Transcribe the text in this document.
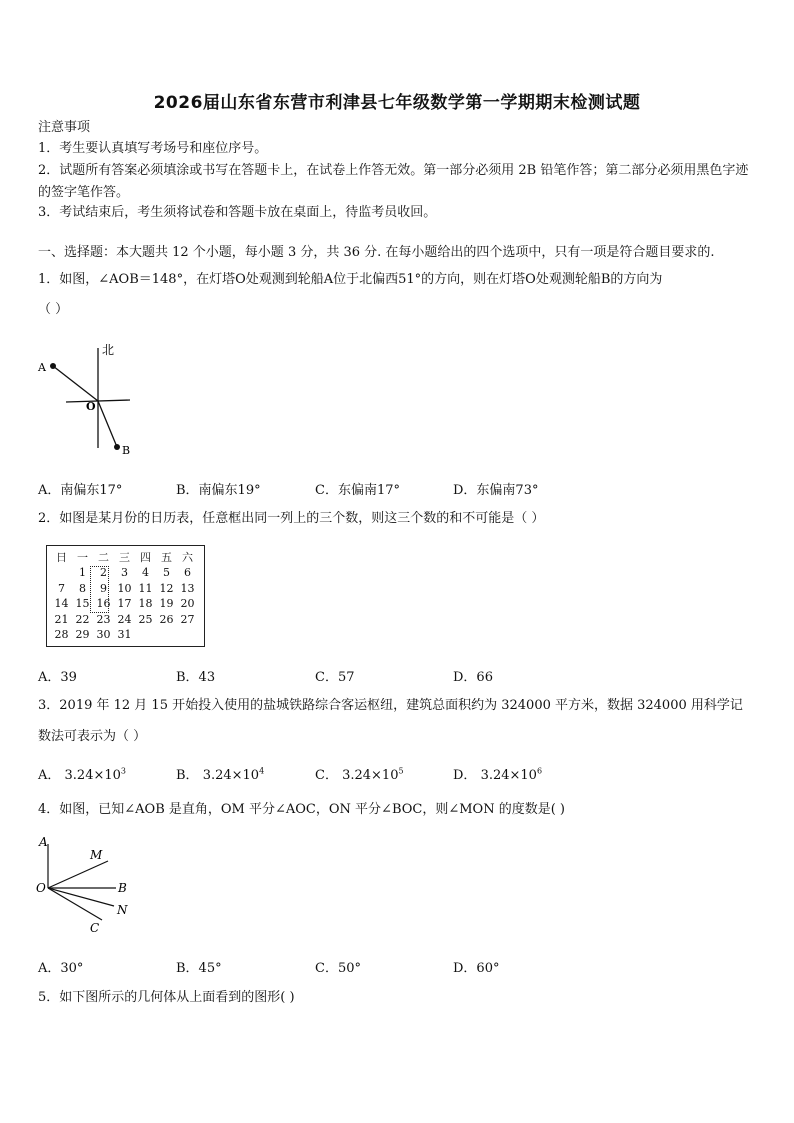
2026届山东省东营市利津县七年级数学第一学期期末检测试题
注意事项
1．考生要认真填写考场号和座位序号。
2．试题所有答案必须填涂或书写在答题卡上，在试卷上作答无效。第一部分必须用 2B 铅笔作答；第二部分必须用黑色字迹的签字笔作答。
3．考试结束后，考生须将试卷和答题卡放在桌面上，待监考员收回。
一、选择题：本大题共 12 个小题，每小题 3 分，共 36 分. 在每小题给出的四个选项中，只有一项是符合题目要求的.
1．如图，∠AOB＝148°，在灯塔O处观测到轮船A位于北偏西51°的方向，则在灯塔O处观测轮船B的方向为
（ ）
北
A
O
B
A．南偏东17°	B．南偏东19°	C．东偏南17°	D．东偏南73°
2．如图是某月份的日历表，任意框出同一列上的三个数，则这三个数的和不可能是（ ）
日	一	二	三	四	五	六
	1	2	3	4	5	6
7	8	9	10	11	12	13
14	15	16	17	18	19	20
21	22	23	24	25	26	27
28	29	30	31			
A．39	B．43	C．57	D．66
3．2019 年 12 月 15 开始投入使用的盐城铁路综合客运枢纽，建筑总面积约为 324000 平方米，数据 324000 用科学记
数法可表示为（ ）
A． $3.24\times 10^3$	B． $3.24\times 10^4$	C． $3.24\times 10^5$	D． $3.24\times 10^6$
4．如图，已知∠AOB 是直角，OM 平分∠AOC，ON 平分∠BOC，则∠MON 的度数是( )
A
M
O	B
N
C
A．30°	B．45°	C．50°	D．60°
5．如下图所示的几何体从上面看到的图形( )
